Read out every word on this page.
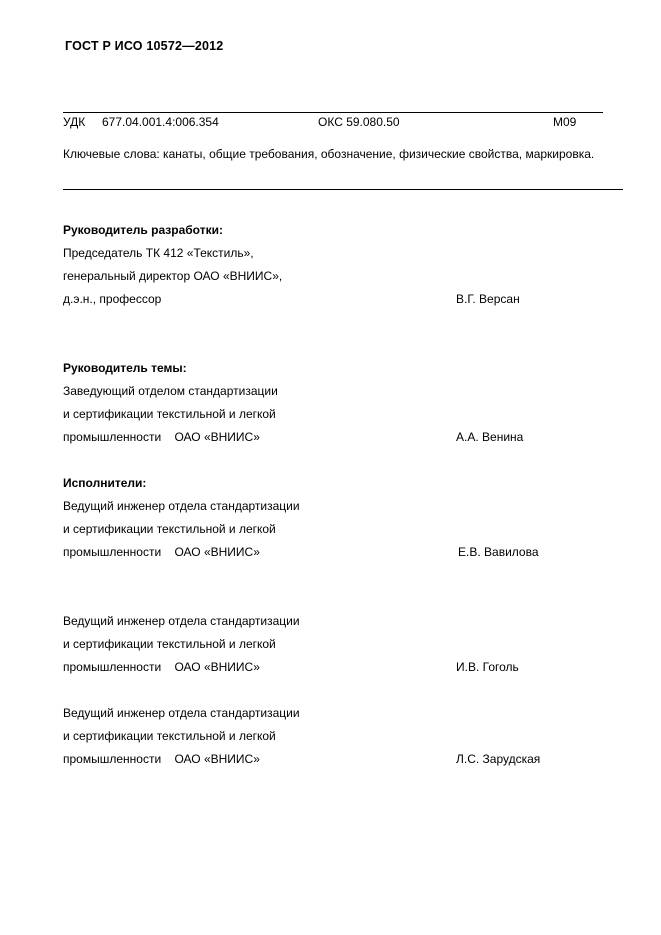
ГОСТ Р ИСО 10572—2012
УДК 677.04.001.4:006.354	ОКС 59.080.50	М09
Ключевые слова: канаты, общие требования, обозначение, физические свойства, маркировка.
Руководитель разработки:
Председатель ТК 412 «Текстиль»,
генеральный директор ОАО «ВНИИС»,
д.э.н., профессор	В.Г. Версан
Руководитель темы:
Заведующий отделом стандартизации
и сертификации текстильной и легкой
промышленности    ОАО «ВНИИС»	А.А. Венина
Исполнители:
Ведущий инженер отдела стандартизации
и сертификации текстильной и легкой
промышленности    ОАО «ВНИИС»	Е.В. Вавилова
Ведущий инженер отдела стандартизации
и сертификации текстильной и легкой
промышленности    ОАО «ВНИИС»	И.В. Гоголь
Ведущий инженер отдела стандартизации
и сертификации текстильной и легкой
промышленности    ОАО «ВНИИС»	Л.С. Зарудская
